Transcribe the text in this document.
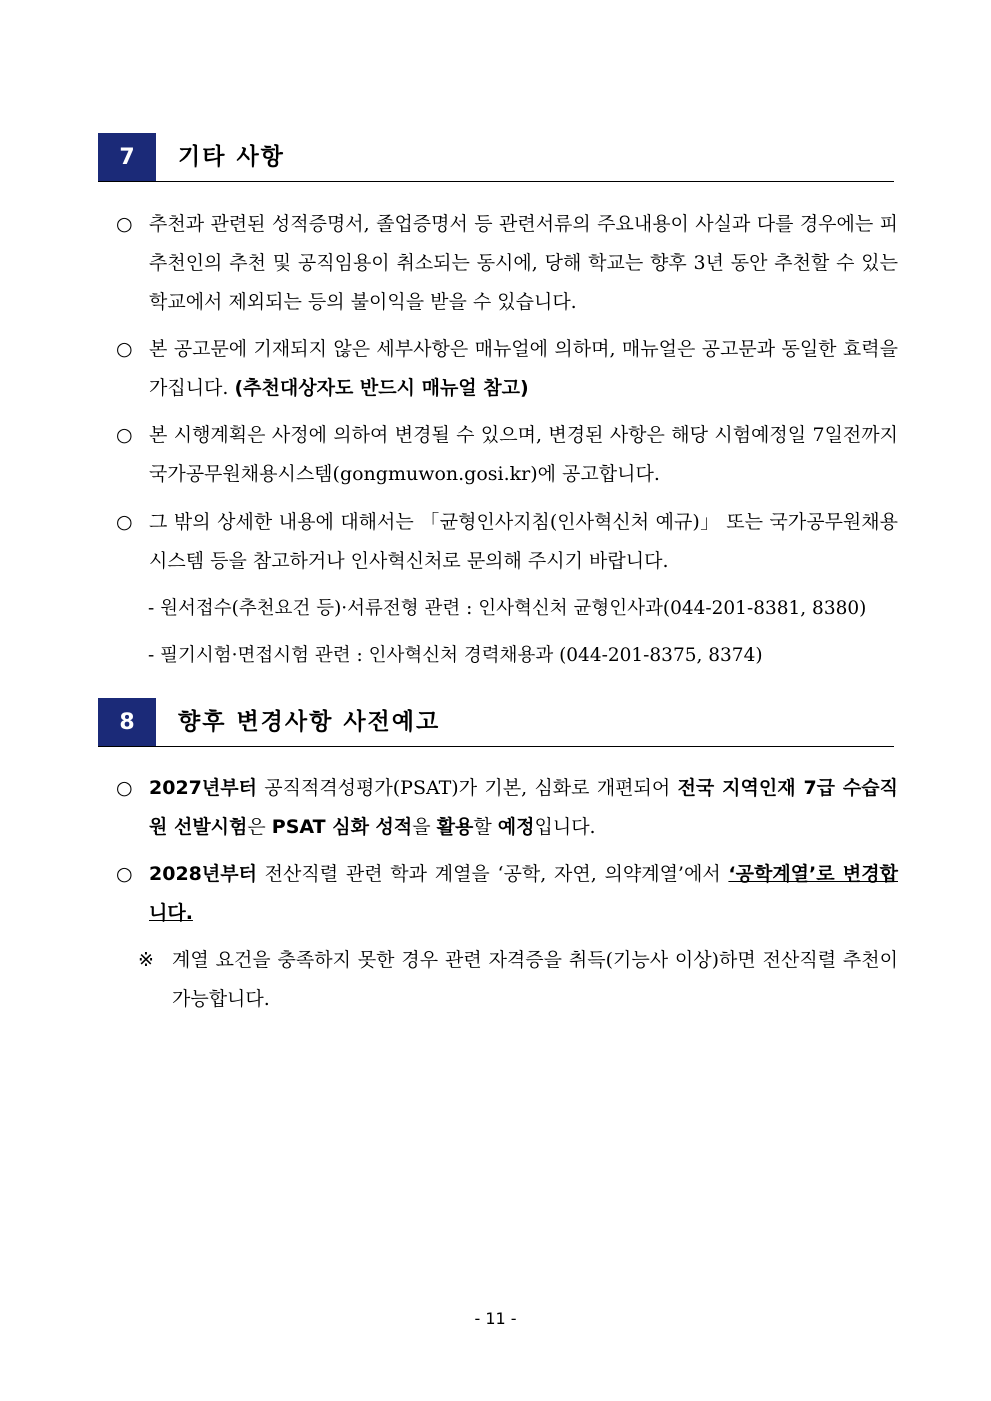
7	기타 사항
○ 추천과 관련된 성적증명서, 졸업증명서 등 관련서류의 주요내용이 사실과 다를 경우에는 피추천인의 추천 및 공직임용이 취소되는 동시에, 당해 학교는 향후 3년 동안 추천할 수 있는 학교에서 제외되는 등의 불이익을 받을 수 있습니다.
○ 본 공고문에 기재되지 않은 세부사항은 매뉴얼에 의하며, 매뉴얼은 공고문과 동일한 효력을 가집니다. (추천대상자도 반드시 매뉴얼 참고)
○ 본 시행계획은 사정에 의하여 변경될 수 있으며, 변경된 사항은 해당 시험예정일 7일전까지 국가공무원채용시스템(gongmuwon.gosi.kr)에 공고합니다.
○ 그 밖의 상세한 내용에 대해서는 「균형인사지침(인사혁신처 예규)」 또는 국가공무원채용시스템 등을 참고하거나 인사혁신처로 문의해 주시기 바랍니다.
- 원서접수(추천요건 등)·서류전형 관련 : 인사혁신처 균형인사과(044-201-8381, 8380)
- 필기시험·면접시험 관련 : 인사혁신처 경력채용과 (044-201-8375, 8374)
8	향후 변경사항 사전예고
○ 2027년부터 공직적격성평가(PSAT)가 기본, 심화로 개편되어 전국 지역인재 7급 수습직원 선발시험은 PSAT 심화 성적을 활용할 예정입니다.
○ 2028년부터 전산직렬 관련 학과 계열을 ‘공학, 자연, 의약계열’에서 ‘공학계열’로 변경합니다.
※ 계열 요건을 충족하지 못한 경우 관련 자격증을 취득(기능사 이상)하면 전산직렬 추천이 가능합니다.
- 11 -
